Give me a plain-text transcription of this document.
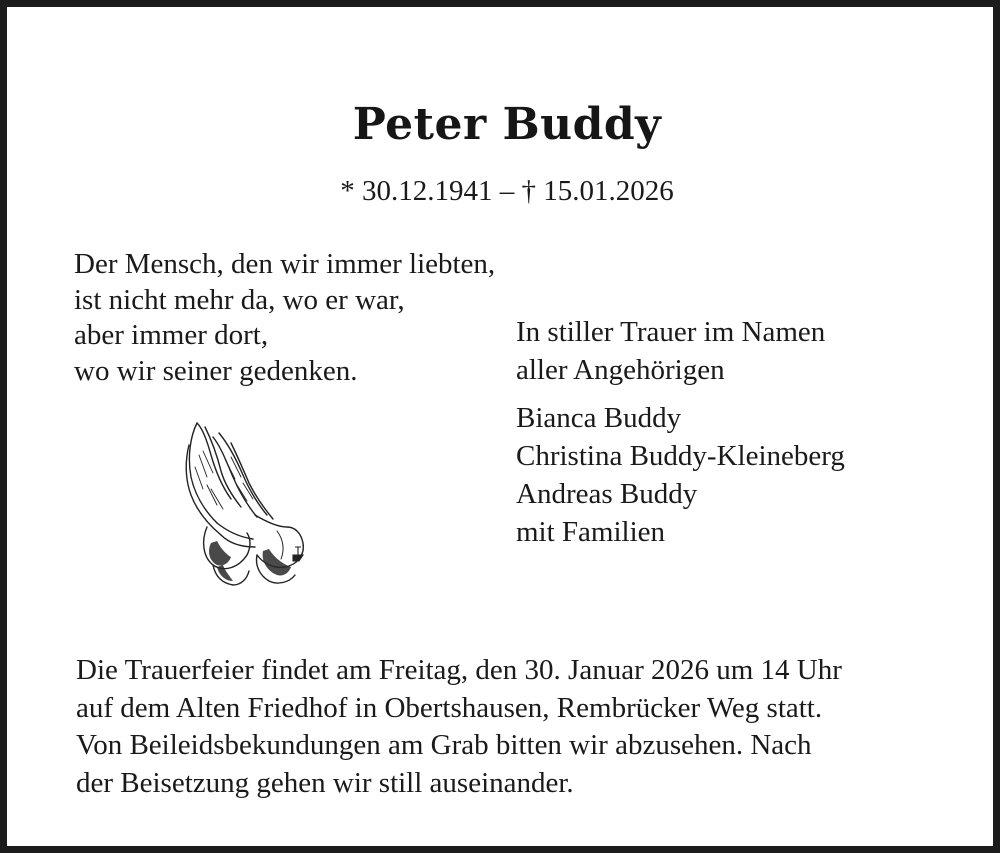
Peter Buddy
* 30.12.1941 – † 15.01.2026
Der Mensch, den wir immer liebten,
ist nicht mehr da, wo er war,
aber immer dort,
wo wir seiner gedenken.
In stiller Trauer im Namen
aller Angehörigen
Bianca Buddy
Christina Buddy-Kleineberg
Andreas Buddy
mit Familien
Die Trauerfeier findet am Freitag, den 30. Januar 2026 um 14 Uhr
auf dem Alten Friedhof in Obertshausen, Rembrücker Weg statt.
Von Beileidsbekundungen am Grab bitten wir abzusehen. Nach
der Beisetzung gehen wir still auseinander.
